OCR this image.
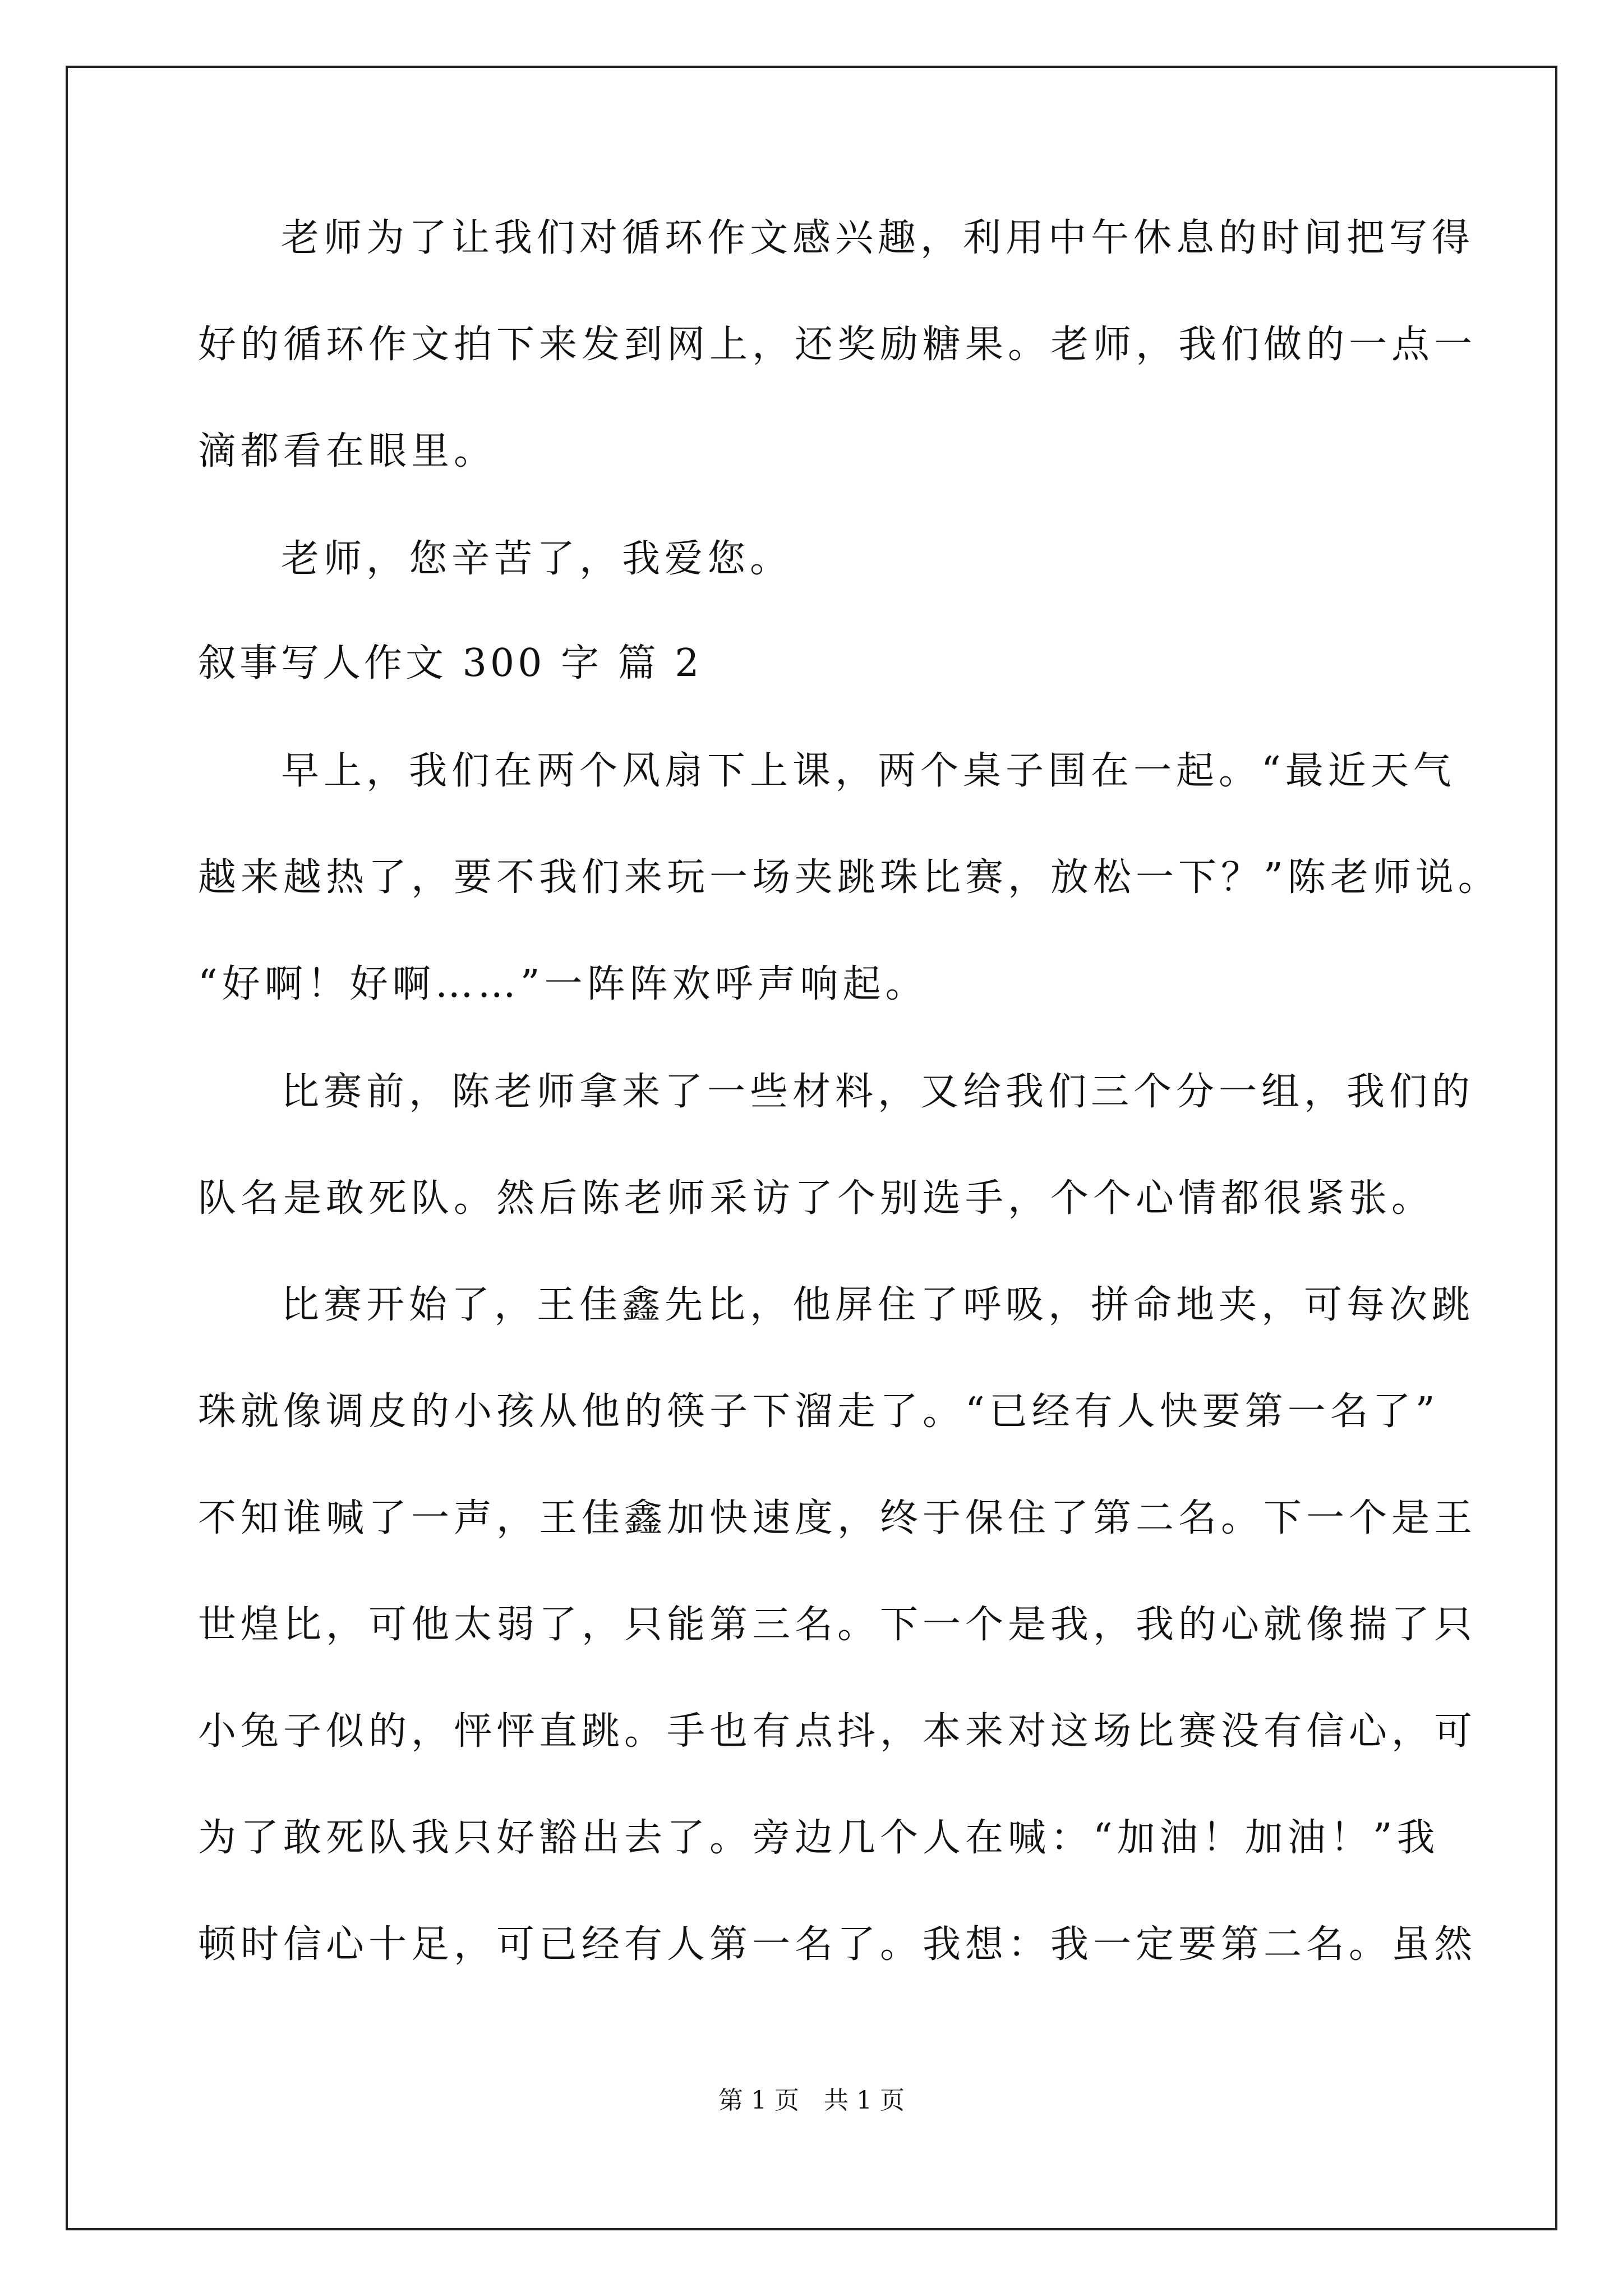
老师为了让我们对循环作文感兴趣，利用中午休息的时间把写得
好的循环作文拍下来发到网上，还奖励糖果。老师，我们做的一点一
滴都看在眼里。
老师，您辛苦了，我爱您。
叙事写人作文 300 字 篇 2
早上，我们在两个风扇下上课，两个桌子围在一起。“最近天气
越来越热了，要不我们来玩一场夹跳珠比赛，放松一下？”陈老师说。
“好啊！好啊……”一阵阵欢呼声响起。
比赛前，陈老师拿来了一些材料，又给我们三个分一组，我们的
队名是敢死队。然后陈老师采访了个别选手，个个心情都很紧张。
比赛开始了，王佳鑫先比，他屏住了呼吸，拼命地夹，可每次跳
珠就像调皮的小孩从他的筷子下溜走了。“已经有人快要第一名了”
不知谁喊了一声，王佳鑫加快速度，终于保住了第二名。下一个是王
世煌比，可他太弱了，只能第三名。下一个是我，我的心就像揣了只
小兔子似的，怦怦直跳。手也有点抖，本来对这场比赛没有信心，可
为了敢死队我只好豁出去了。旁边几个人在喊：“加油！加油！”我
顿时信心十足，可已经有人第一名了。我想：我一定要第二名。虽然
第 1 页 共 1 页
